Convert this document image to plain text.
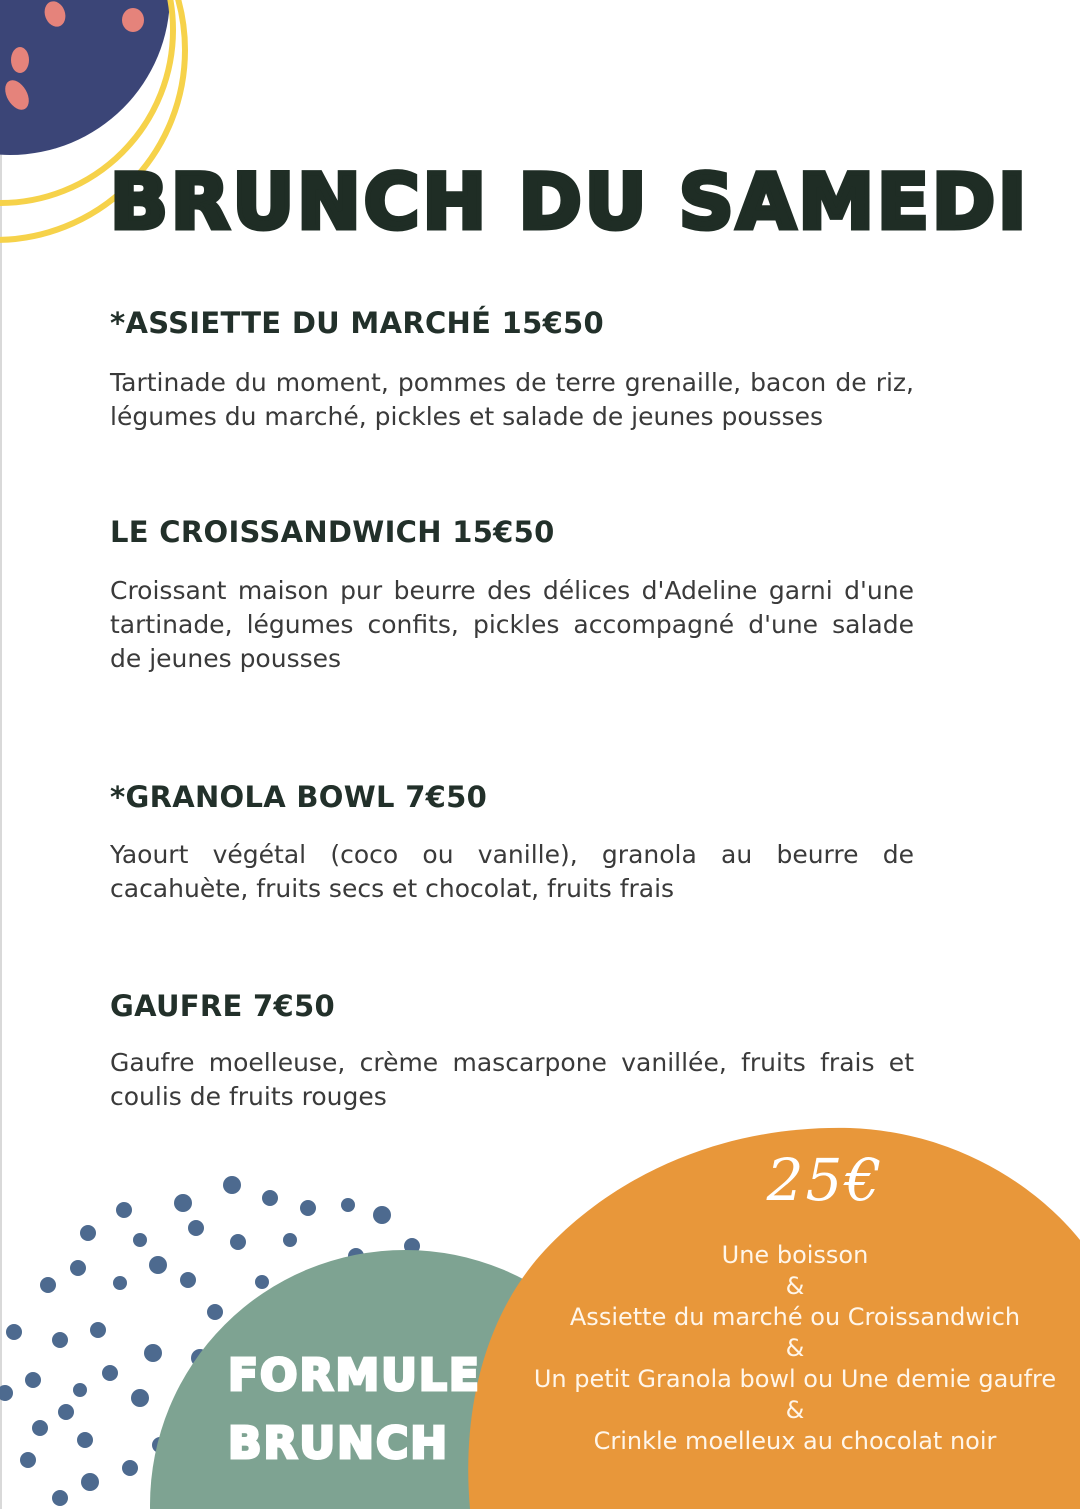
BRUNCH DU SAMEDI
*ASSIETTE DU MARCHÉ 15€50

Tartinade du moment, pommes de terre grenaille, bacon de riz, légumes du marché, pickles et salade de jeunes pousses

LE CROISSANDWICH 15€50

Croissant maison pur beurre des délices d'Adeline garni d'une tartinade, légumes confits, pickles accompagné d'une salade de jeunes pousses

*GRANOLA BOWL 7€50

Yaourt végétal (coco ou vanille), granola au beurre de cacahuète, fruits secs et chocolat, fruits frais

GAUFRE 7€50

Gaufre moelleuse, crème mascarpone vanillée, fruits frais et coulis de fruits rouges

FORMULE
BRUNCH
25€
Une boisson
&
Assiette du marché ou Croissandwich
&
Un petit Granola bowl ou Une demie gaufre
&
Crinkle moelleux au chocolat noir
